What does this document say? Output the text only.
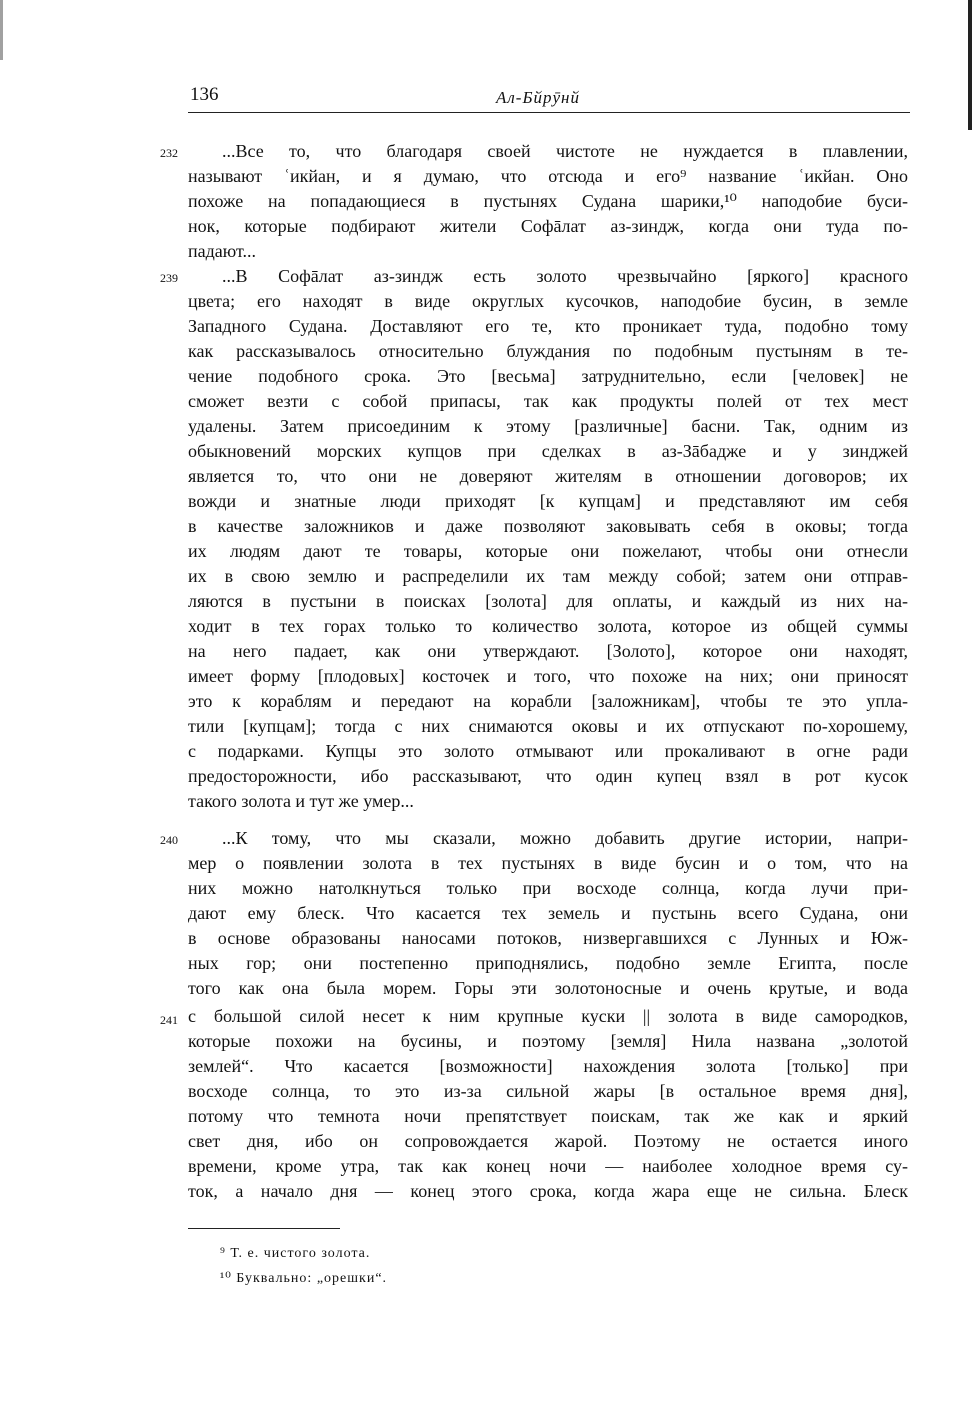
136	Ал-Бйрӯнй
232
239
240
241
...Все то, что благодаря своей чистоте не нуждается в плавлении,
называют ʿикйан, и я думаю, что отсюда и его⁹ название ʿикйан. Оно
похоже на попадающиеся в пустынях Судана шарики,¹⁰ наподобие буси-
нок, которые подбирают жители Софāлат аз-зиндж, когда они туда по-
падают...
...В Софāлат аз-зиндж есть золото чрезвычайно [яркого] красного
цвета; его находят в виде округлых кусочков, наподобие бусин, в земле
Западного Судана. Доставляют его те, кто проникает туда, подобно тому
как рассказывалось относительно блуждания по подобным пустыням в те-
чение подобного срока. Это [весьма] затруднительно, если [человек] не
сможет везти с собой припасы, так как продукты полей от тех мест
удалены. Затем присоединим к этому [различные] басни. Так, одним из
обыкновений морских купцов при сделках в аз-Зāбадже и у зинджей
является то, что они не доверяют жителям в отношении договоров; их
вожди и знатные люди приходят [к купцам] и представляют им себя
в качестве заложников и даже позволяют заковывать себя в оковы; тогда
их людям дают те товары, которые они пожелают, чтобы они отнесли
их в свою землю и распределили их там между собой; затем они отправ-
ляются в пустыни в поисках [золота] для оплаты, и каждый из них на-
ходит в тех горах только то количество золота, которое из общей суммы
на него падает, как они утверждают. [Золото], которое они находят,
имеет форму [плодовых] косточек и того, что похоже на них; они приносят
это к кораблям и передают на корабли [заложникам], чтобы те это упла-
тили [купцам]; тогда с них снимаются оковы и их отпускают по-хорошему,
с подарками. Купцы это золото отмывают или прокаливают в огне ради
предосторожности, ибо рассказывают, что один купец взял в рот кусок
такого золота и тут же умер...
...К тому, что мы сказали, можно добавить другие истории, напри-
мер о появлении золота в тех пустынях в виде бусин и о том, что на
них можно натолкнуться только при восходе солнца, когда лучи при-
дают ему блеск. Что касается тех земель и пустынь всего Судана, они
в основе образованы наносами потоков, низвергавшихся с Лунных и Юж-
ных гор; они постепенно приподнялись, подобно земле Египта, после
того как она была морем. Горы эти золотоносные и очень крутые, и вода
с большой силой несет к ним крупные куски || золота в виде самородков,
которые похожи на бусины, и поэтому [земля] Нила названа „золотой
землей“. Что касается [возможности] нахождения золота [только] при
восходе солнца, то это из-за сильной жары [в остальное время дня],
потому что темнота ночи препятствует поискам, так же как и яркий
свет дня, ибо он сопровождается жарой. Поэтому не остается иного
времени, кроме утра, так как конец ночи — наиболее холодное время су-
ток, а начало дня — конец этого срока, когда жара еще не сильна. Блеск
⁹ Т. е. чистого золота.
¹⁰ Буквально: „орешки“.
